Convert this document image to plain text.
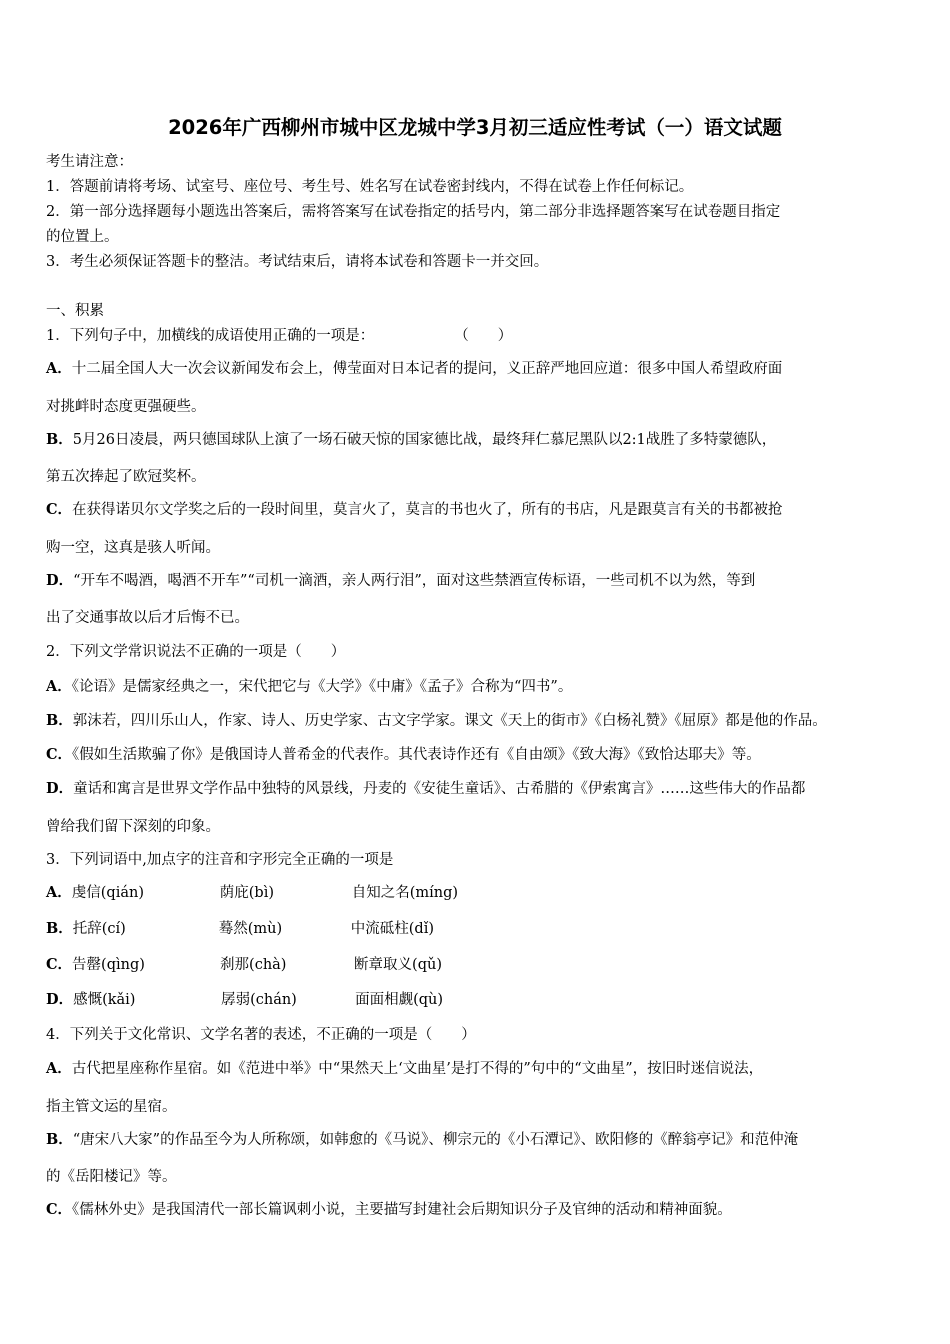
2026年广西柳州市城中区龙城中学3月初三适应性考试（一）语文试题
考生请注意：
1．答题前请将考场、试室号、座位号、考生号、姓名写在试卷密封线内，不得在试卷上作任何标记。
2．第一部分选择题每小题选出答案后，需将答案写在试卷指定的括号内，第二部分非选择题答案写在试卷题目指定
的位置上。
3．考生必须保证答题卡的整洁。考试结束后，请将本试卷和答题卡一并交回。
一、积累
1．下列句子中，加横线的成语使用正确的一项是：	（　　）
A．十二届全国人大一次会议新闻发布会上，傅莹面对日本记者的提问，义正辞严地回应道：很多中国人希望政府面
对挑衅时态度更强硬些。
B．5月26日凌晨，两只德国球队上演了一场石破天惊的国家德比战，最终拜仁慕尼黑队以2:1战胜了多特蒙德队，
第五次捧起了欧冠奖杯。
C．在获得诺贝尔文学奖之后的一段时间里，莫言火了，莫言的书也火了，所有的书店，凡是跟莫言有关的书都被抢
购一空，这真是骇人听闻。
D．“开车不喝酒，喝酒不开车”“司机一滴酒，亲人两行泪”，面对这些禁酒宣传标语，一些司机不以为然，等到
出了交通事故以后才后悔不已。
2．下列文学常识说法不正确的一项是（　　）
A．《论语》是儒家经典之一，宋代把它与《大学》《中庸》《孟子》合称为“四书”。
B．郭沫若，四川乐山人，作家、诗人、历史学家、古文字学家。课文《天上的街市》《白杨礼赞》《屈原》都是他的作品。
C．《假如生活欺骗了你》是俄国诗人普希金的代表作。其代表诗作还有《自由颂》《致大海》《致恰达耶夫》等。
D．童话和寓言是世界文学作品中独特的风景线，丹麦的《安徒生童话》、古希腊的《伊索寓言》……这些伟大的作品都
曾给我们留下深刻的印象。
3．下列词语中,加点字的注音和字形完全正确的一项是
A．虔信(qián)	荫庇(bì)	自知之名(míng)
B．托辞(cí)	蓦然(mù)	中流砥柱(dǐ)
C．告罄(qìng)	刹那(chà)	断章取义(qǔ)
D．感慨(kǎi)	孱弱(chán)	面面相觑(qù)
4．下列关于文化常识、文学名著的表述，不正确的一项是（　　）
A．古代把星座称作星宿。如《范进中举》中“果然天上‘文曲星’是打不得的”句中的“文曲星”，按旧时迷信说法，
指主管文运的星宿。
B．“唐宋八大家”的作品至今为人所称颂，如韩愈的《马说》、柳宗元的《小石潭记》、欧阳修的《醉翁亭记》和范仲淹
的《岳阳楼记》等。
C．《儒林外史》是我国清代一部长篇讽刺小说，主要描写封建社会后期知识分子及官绅的活动和精神面貌。
